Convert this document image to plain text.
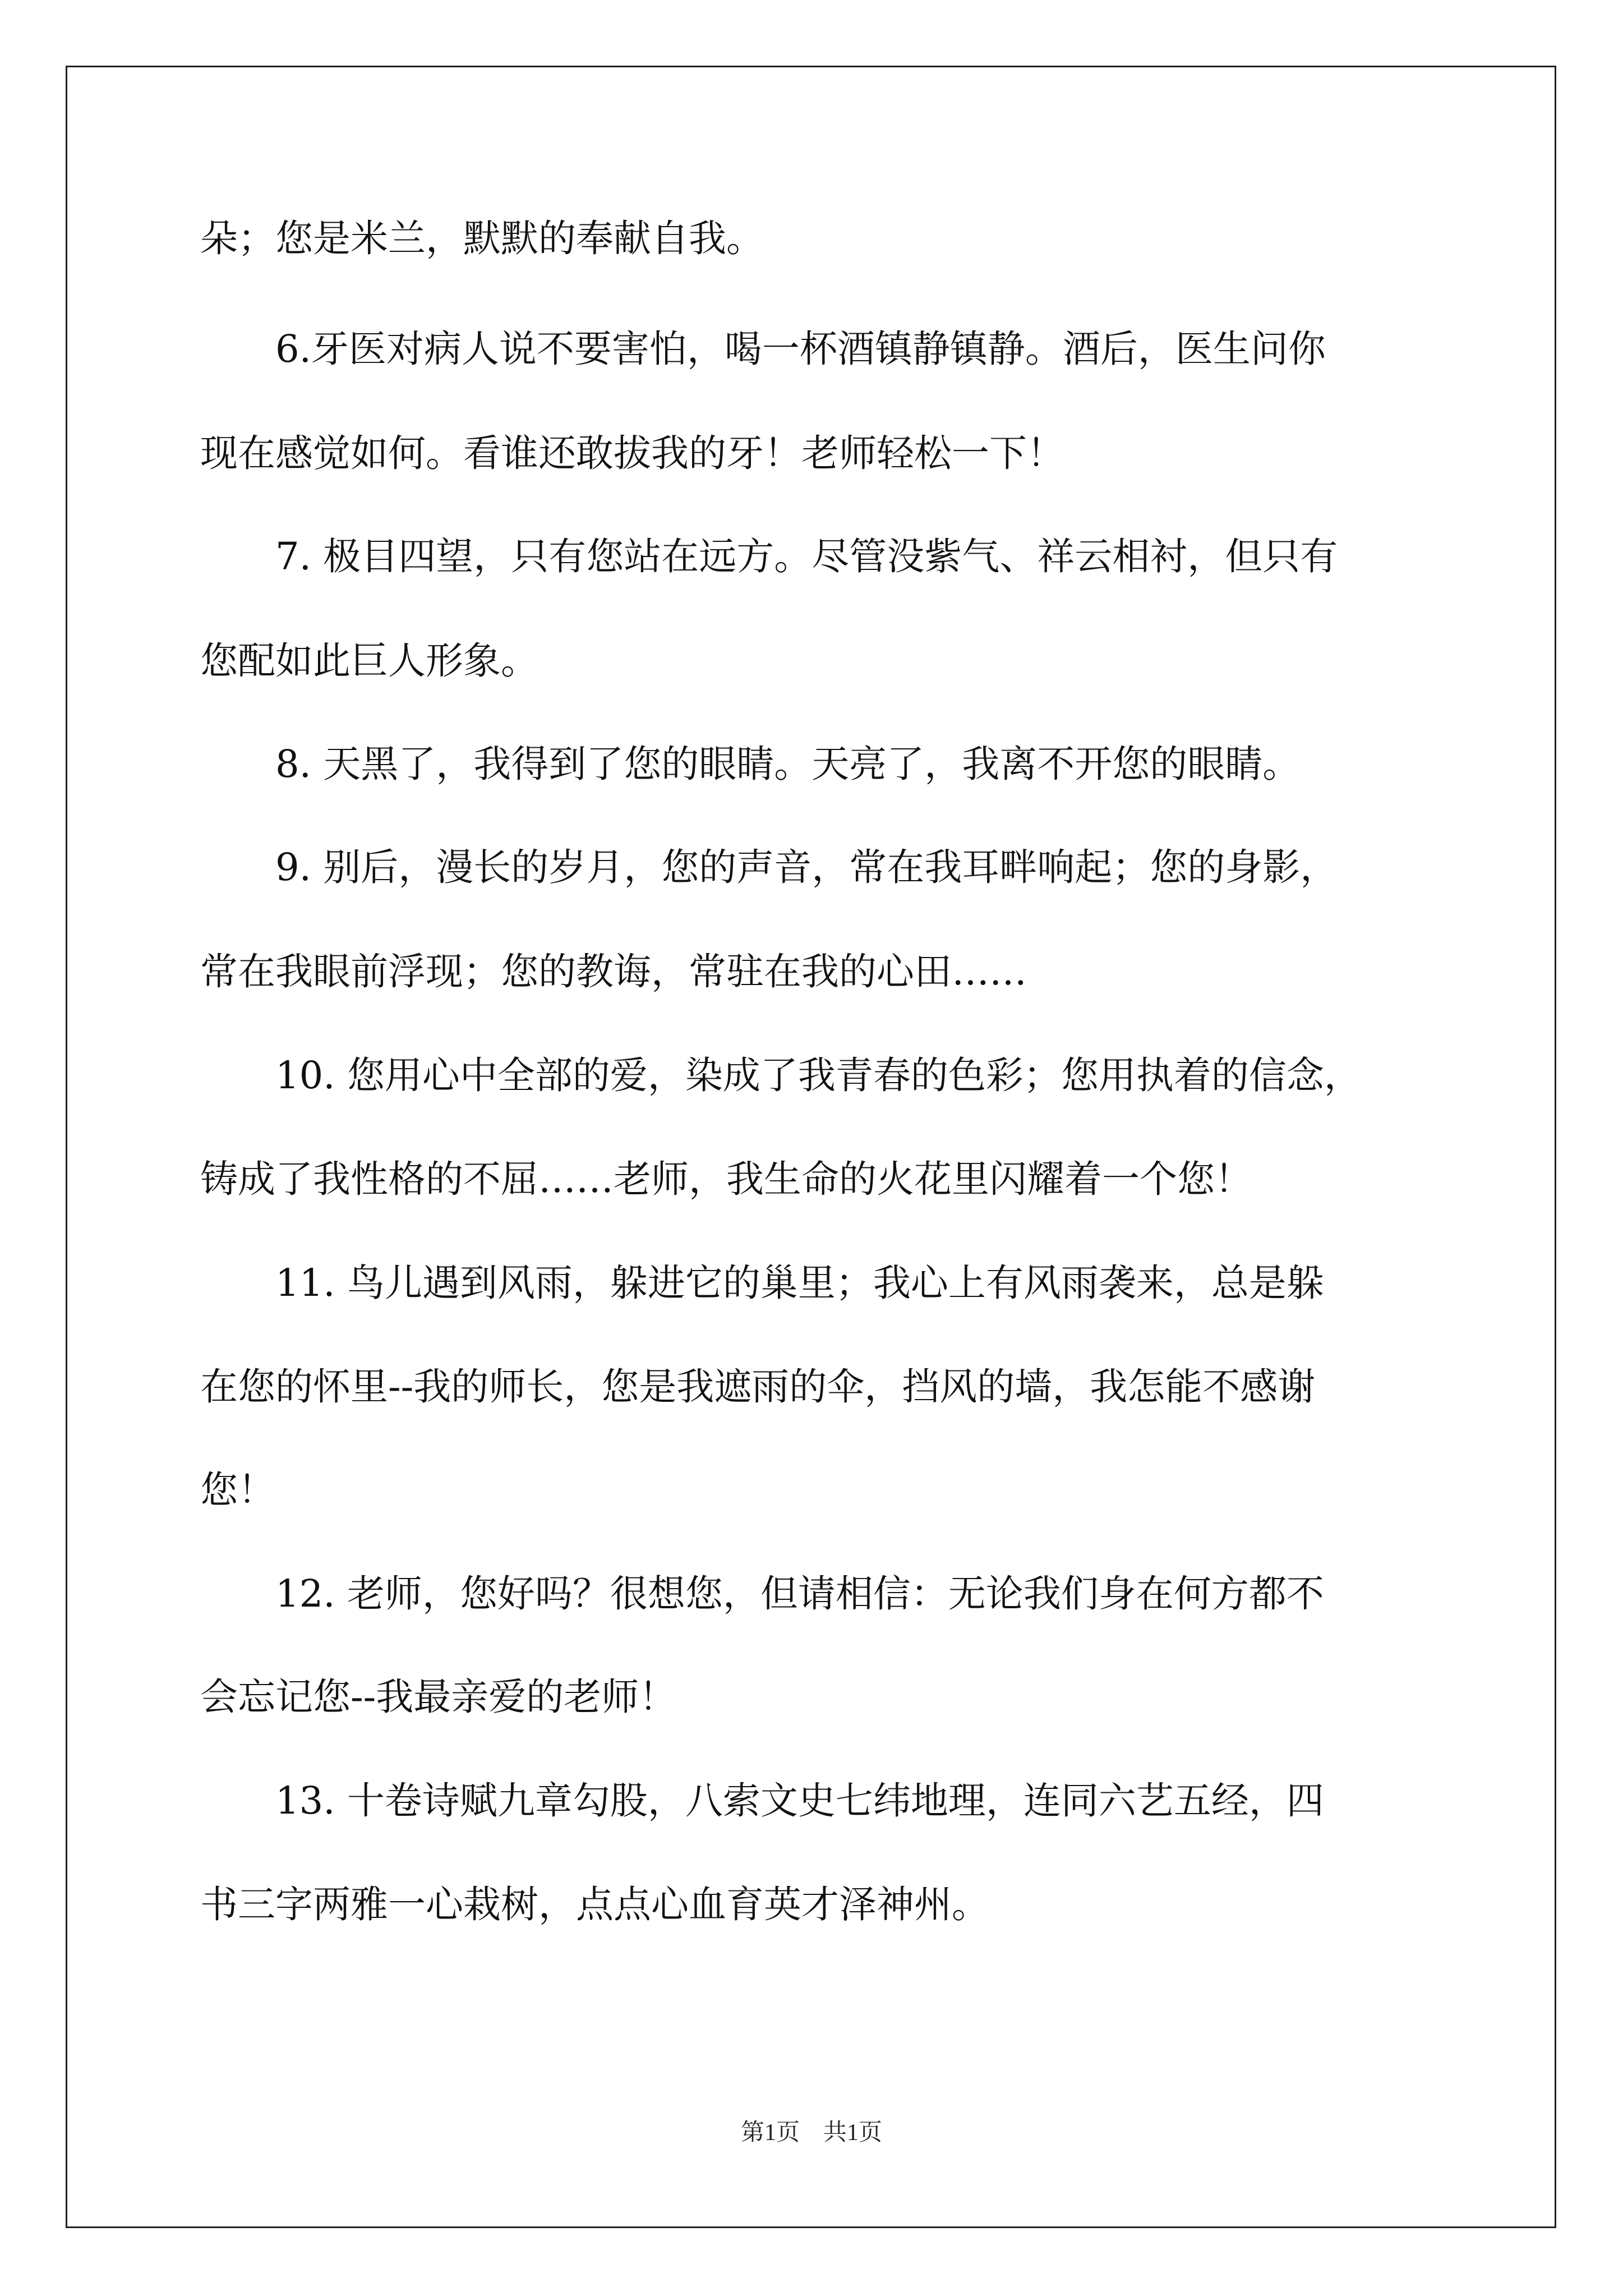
朵；您是米兰，默默的奉献自我。
6.牙医对病人说不要害怕，喝一杯酒镇静镇静。酒后，医生问你
现在感觉如何。看谁还敢拔我的牙！老师轻松一下！
7. 极目四望，只有您站在远方。尽管没紫气、祥云相衬，但只有
您配如此巨人形象。
8. 天黑了，我得到了您的眼睛。天亮了，我离不开您的眼睛。
9. 别后，漫长的岁月，您的声音，常在我耳畔响起；您的身影，
常在我眼前浮现；您的教诲，常驻在我的心田……
10. 您用心中全部的爱，染成了我青春的色彩；您用执着的信念，
铸成了我性格的不屈……老师，我生命的火花里闪耀着一个您！
11. 鸟儿遇到风雨，躲进它的巢里；我心上有风雨袭来，总是躲
在您的怀里--我的师长，您是我遮雨的伞，挡风的墙，我怎能不感谢
您！
12. 老师，您好吗？很想您，但请相信：无论我们身在何方都不
会忘记您--我最亲爱的老师！
13. 十卷诗赋九章勾股，八索文史七纬地理，连同六艺五经，四
书三字两雅一心栽树，点点心血育英才泽神州。
第1页　共1页
